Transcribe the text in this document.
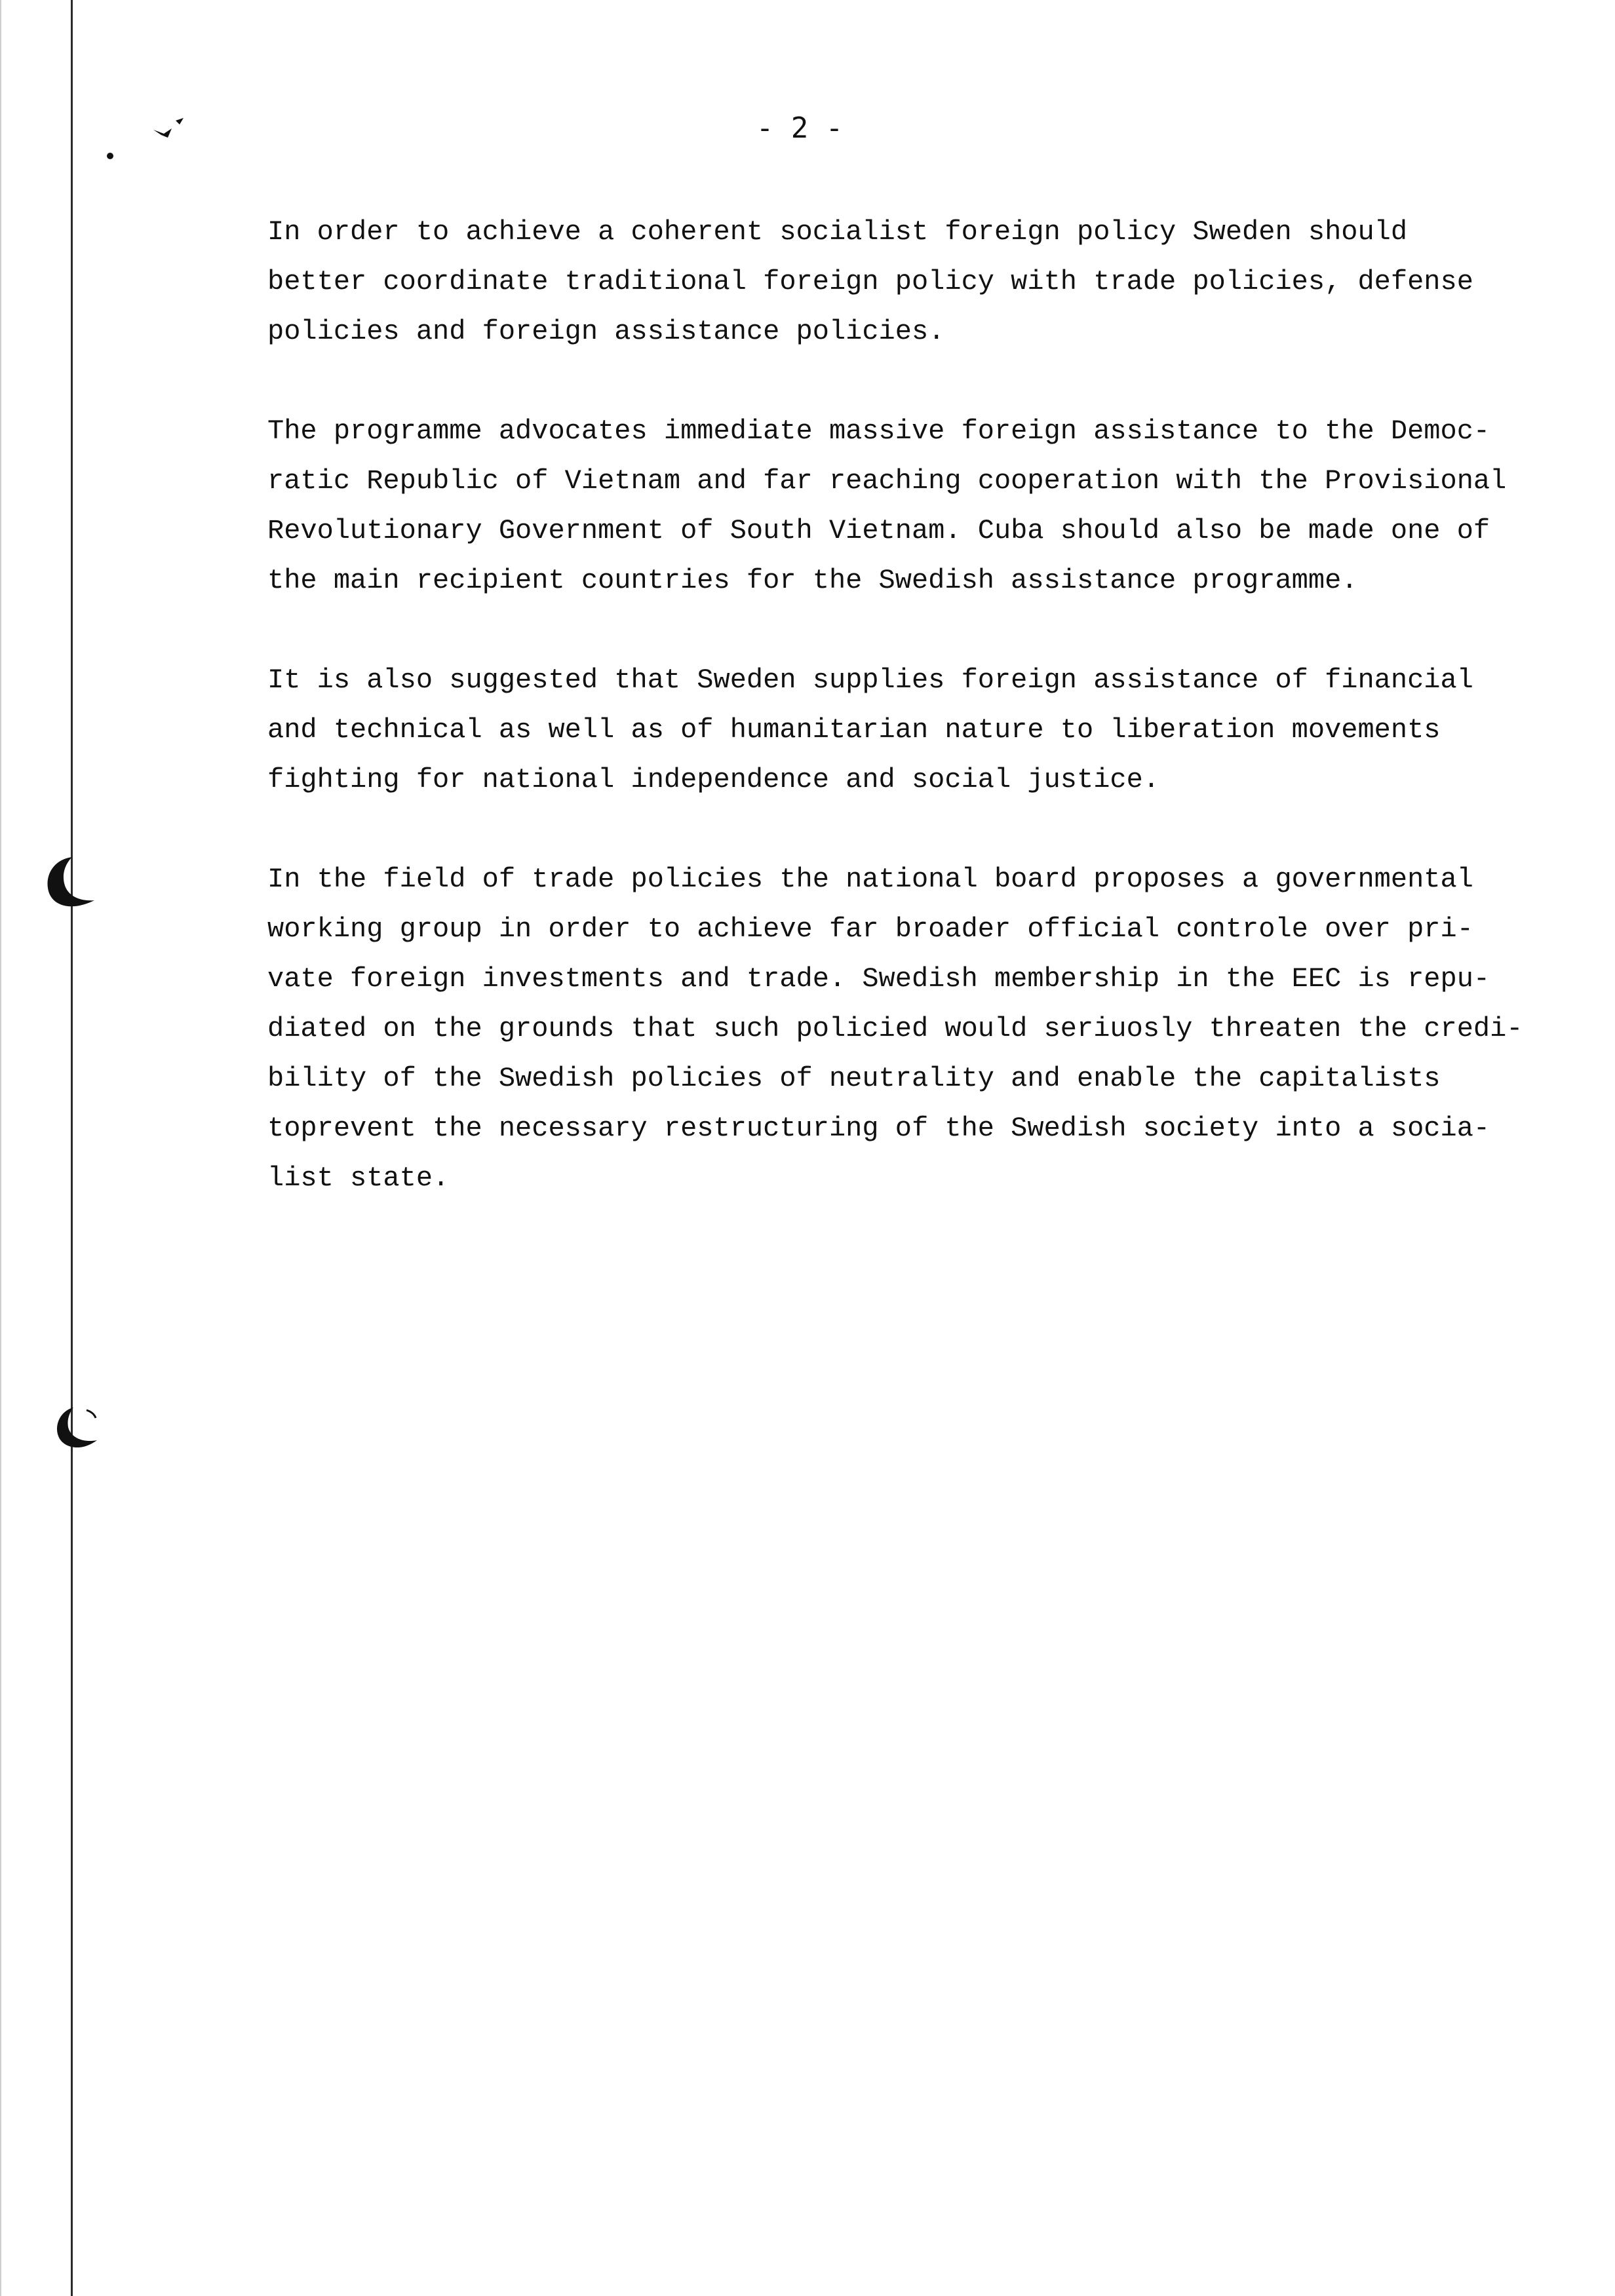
- 2 -
In order to achieve a coherent socialist foreign policy Sweden should
better coordinate traditional foreign policy with trade policies, defense
policies and foreign assistance policies.
The programme advocates immediate massive foreign assistance to the Democ-
ratic Republic of Vietnam and far reaching cooperation with the Provisional
Revolutionary Government of South Vietnam. Cuba should also be made one of
the main recipient countries for the Swedish assistance programme.
It is also suggested that Sweden supplies foreign assistance of financial
and technical as well as of humanitarian nature to liberation movements
fighting for national independence and social justice.
In the field of trade policies the national board proposes a governmental
working group in order to achieve far broader official controle over pri-
vate foreign investments and trade. Swedish membership in the EEC is repu-
diated on the grounds that such policied would seriuosly threaten the credi-
bility of the Swedish policies of neutrality and enable the capitalists
toprevent the necessary restructuring of the Swedish society into a socia-
list state.
